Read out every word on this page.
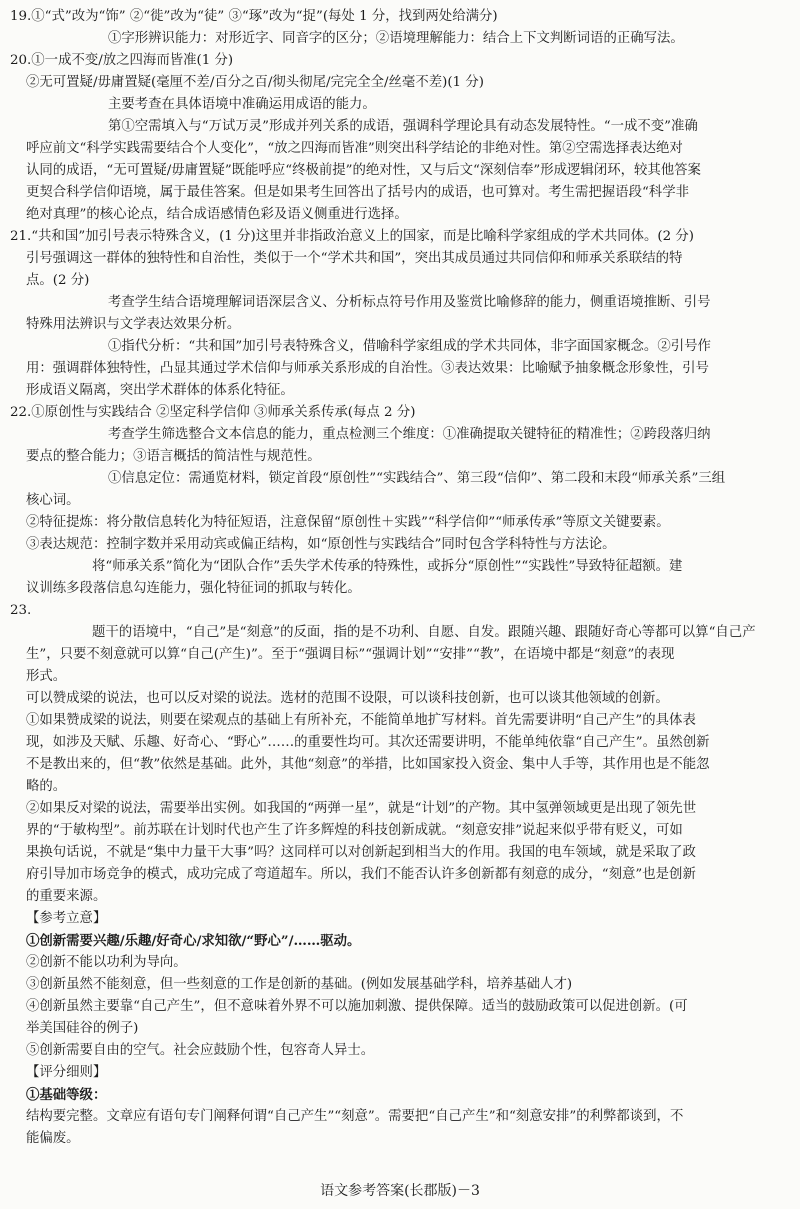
19.①“式”改为“饰” ②“徙”改为“徒” ③“琢”改为“捉”(每处 1 分，找到两处给满分)
①字形辨识能力：对形近字、同音字的区分；②语境理解能力：结合上下文判断词语的正确写法。
20.①一成不变/放之四海而皆准(1 分)
②无可置疑/毋庸置疑(毫厘不差/百分之百/彻头彻尾/完完全全/丝毫不差)(1 分)
主要考查在具体语境中准确运用成语的能力。
第①空需填入与“万试万灵”形成并列关系的成语，强调科学理论具有动态发展特性。“一成不变”准确
呼应前文“科学实践需要结合个人变化”，“放之四海而皆准”则突出科学结论的非绝对性。第②空需选择表达绝对
认同的成语，“无可置疑/毋庸置疑”既能呼应“终极前提”的绝对性，又与后文“深刻信奉”形成逻辑闭环，较其他答案
更契合科学信仰语境，属于最佳答案。但是如果考生回答出了括号内的成语，也可算对。考生需把握语段“科学非
绝对真理”的核心论点，结合成语感情色彩及语义侧重进行选择。
21.“共和国”加引号表示特殊含义，(1 分)这里并非指政治意义上的国家，而是比喻科学家组成的学术共同体。(2 分)
引号强调这一群体的独特性和自治性，类似于一个“学术共和国”，突出其成员通过共同信仰和师承关系联结的特
点。(2 分)
考查学生结合语境理解词语深层含义、分析标点符号作用及鉴赏比喻修辞的能力，侧重语境推断、引号
特殊用法辨识与文学表达效果分析。
①指代分析：“共和国”加引号表特殊含义，借喻科学家组成的学术共同体，非字面国家概念。②引号作
用：强调群体独特性，凸显其通过学术信仰与师承关系形成的自治性。③表达效果：比喻赋予抽象概念形象性，引号
形成语义隔离，突出学术群体的体系化特征。
22.①原创性与实践结合 ②坚定科学信仰 ③师承关系传承(每点 2 分)
考查学生筛选整合文本信息的能力，重点检测三个维度：①准确提取关键特征的精准性；②跨段落归纳
要点的整合能力；③语言概括的简洁性与规范性。
①信息定位：需通览材料，锁定首段“原创性”“实践结合”、第三段“信仰”、第二段和末段“师承关系”三组
核心词。
②特征提炼：将分散信息转化为特征短语，注意保留“原创性＋实践”“科学信仰”“师承传承”等原文关键要素。
③表达规范：控制字数并采用动宾或偏正结构，如“原创性与实践结合”同时包含学科特性与方法论。
将“师承关系”简化为“团队合作”丢失学术传承的特殊性，或拆分“原创性”“实践性”导致特征超额。建
议训练多段落信息勾连能力，强化特征词的抓取与转化。
23.
题干的语境中，“自己”是“刻意”的反面，指的是不功利、自愿、自发。跟随兴趣、跟随好奇心等都可以算“自己产
生”，只要不刻意就可以算“自己(产生)”。至于“强调目标”“强调计划”“安排”“教”，在语境中都是“刻意”的表现
形式。
可以赞成梁的说法，也可以反对梁的说法。选材的范围不设限，可以谈科技创新，也可以谈其他领域的创新。
①如果赞成梁的说法，则要在梁观点的基础上有所补充，不能简单地扩写材料。首先需要讲明“自己产生”的具体表
现，如涉及天赋、乐趣、好奇心、“野心”……的重要性均可。其次还需要讲明，不能单纯依靠“自己产生”。虽然创新
不是教出来的，但“教”依然是基础。此外，其他“刻意”的举措，比如国家投入资金、集中人手等，其作用也是不能忽
略的。
②如果反对梁的说法，需要举出实例。如我国的“两弹一星”，就是“计划”的产物。其中氢弹领域更是出现了领先世
界的“于敏构型”。前苏联在计划时代也产生了许多辉煌的科技创新成就。“刻意安排”说起来似乎带有贬义，可如
果换句话说，不就是“集中力量干大事”吗？这同样可以对创新起到相当大的作用。我国的电车领域，就是采取了政
府引导加市场竞争的模式，成功完成了弯道超车。所以，我们不能否认许多创新都有刻意的成分，“刻意”也是创新
的重要来源。
【参考立意】
①创新需要兴趣/乐趣/好奇心/求知欲/“野心”/……驱动。
②创新不能以功利为导向。
③创新虽然不能刻意，但一些刻意的工作是创新的基础。(例如发展基础学科，培养基础人才)
④创新虽然主要靠“自己产生”，但不意味着外界不可以施加刺激、提供保障。适当的鼓励政策可以促进创新。(可
举美国硅谷的例子)
⑤创新需要自由的空气。社会应鼓励个性，包容奇人异士。
【评分细则】
①基础等级：
结构要完整。文章应有语句专门阐释何谓“自己产生”“刻意”。需要把“自己产生”和“刻意安排”的利弊都谈到，不
能偏废。
语文参考答案(长郡版)－3
